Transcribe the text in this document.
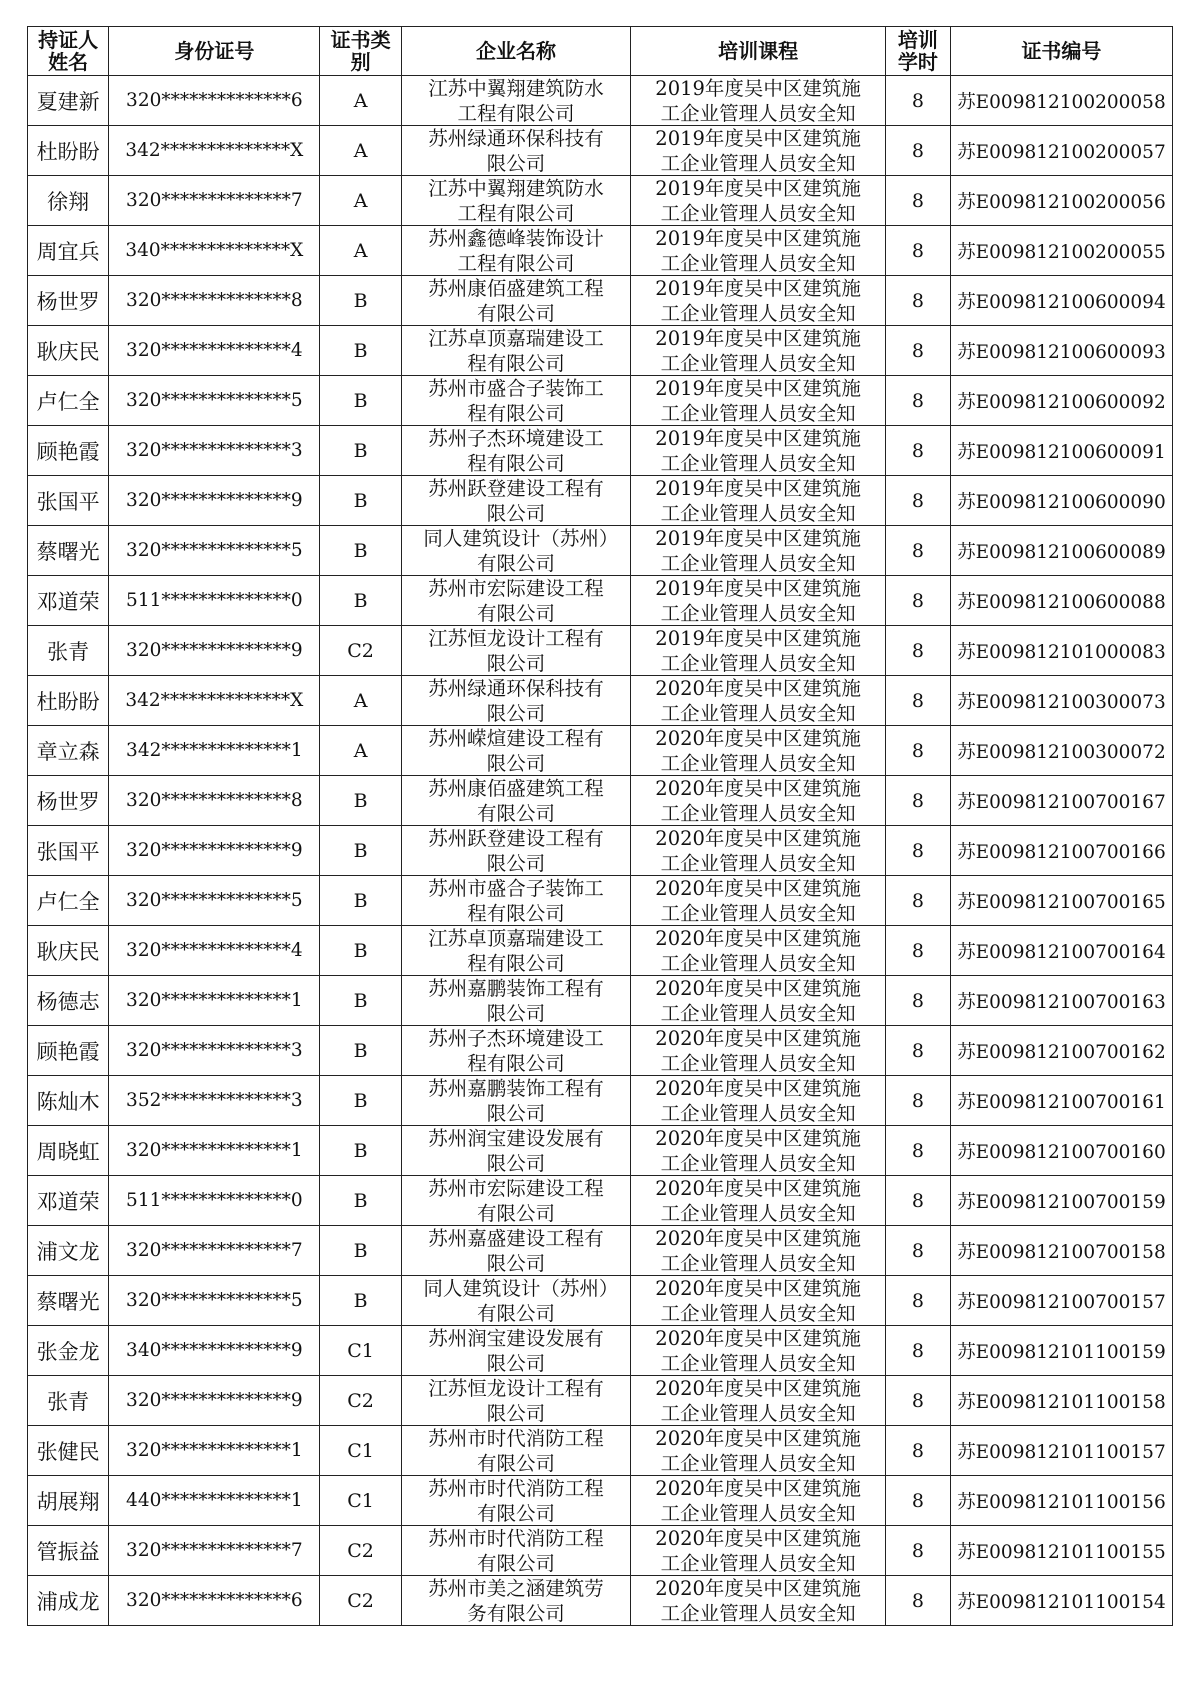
持证人姓名	身份证号	证书类别	企业名称	培训课程	培训学时	证书编号
夏建新	320**************6	A	江苏中翼翔建筑防水工程有限公司	2019年度吴中区建筑施工企业管理人员安全知	8	苏E009812100200058
杜盼盼	342**************X	A	苏州绿通环保科技有限公司	2019年度吴中区建筑施工企业管理人员安全知	8	苏E009812100200057
徐翔	320**************7	A	江苏中翼翔建筑防水工程有限公司	2019年度吴中区建筑施工企业管理人员安全知	8	苏E009812100200056
周宜兵	340**************X	A	苏州鑫德峰装饰设计工程有限公司	2019年度吴中区建筑施工企业管理人员安全知	8	苏E009812100200055
杨世罗	320**************8	B	苏州康佰盛建筑工程有限公司	2019年度吴中区建筑施工企业管理人员安全知	8	苏E009812100600094
耿庆民	320**************4	B	江苏卓顶嘉瑞建设工程有限公司	2019年度吴中区建筑施工企业管理人员安全知	8	苏E009812100600093
卢仁全	320**************5	B	苏州市盛合子装饰工程有限公司	2019年度吴中区建筑施工企业管理人员安全知	8	苏E009812100600092
顾艳霞	320**************3	B	苏州子杰环境建设工程有限公司	2019年度吴中区建筑施工企业管理人员安全知	8	苏E009812100600091
张国平	320**************9	B	苏州跃登建设工程有限公司	2019年度吴中区建筑施工企业管理人员安全知	8	苏E009812100600090
蔡曙光	320**************5	B	同人建筑设计（苏州）有限公司	2019年度吴中区建筑施工企业管理人员安全知	8	苏E009812100600089
邓道荣	511**************0	B	苏州市宏际建设工程有限公司	2019年度吴中区建筑施工企业管理人员安全知	8	苏E009812100600088
张青	320**************9	C2	江苏恒龙设计工程有限公司	2019年度吴中区建筑施工企业管理人员安全知	8	苏E009812101000083
杜盼盼	342**************X	A	苏州绿通环保科技有限公司	2020年度吴中区建筑施工企业管理人员安全知	8	苏E009812100300073
章立森	342**************1	A	苏州嵘煊建设工程有限公司	2020年度吴中区建筑施工企业管理人员安全知	8	苏E009812100300072
杨世罗	320**************8	B	苏州康佰盛建筑工程有限公司	2020年度吴中区建筑施工企业管理人员安全知	8	苏E009812100700167
张国平	320**************9	B	苏州跃登建设工程有限公司	2020年度吴中区建筑施工企业管理人员安全知	8	苏E009812100700166
卢仁全	320**************5	B	苏州市盛合子装饰工程有限公司	2020年度吴中区建筑施工企业管理人员安全知	8	苏E009812100700165
耿庆民	320**************4	B	江苏卓顶嘉瑞建设工程有限公司	2020年度吴中区建筑施工企业管理人员安全知	8	苏E009812100700164
杨德志	320**************1	B	苏州嘉鹏装饰工程有限公司	2020年度吴中区建筑施工企业管理人员安全知	8	苏E009812100700163
顾艳霞	320**************3	B	苏州子杰环境建设工程有限公司	2020年度吴中区建筑施工企业管理人员安全知	8	苏E009812100700162
陈灿木	352**************3	B	苏州嘉鹏装饰工程有限公司	2020年度吴中区建筑施工企业管理人员安全知	8	苏E009812100700161
周晓虹	320**************1	B	苏州润宝建设发展有限公司	2020年度吴中区建筑施工企业管理人员安全知	8	苏E009812100700160
邓道荣	511**************0	B	苏州市宏际建设工程有限公司	2020年度吴中区建筑施工企业管理人员安全知	8	苏E009812100700159
浦文龙	320**************7	B	苏州嘉盛建设工程有限公司	2020年度吴中区建筑施工企业管理人员安全知	8	苏E009812100700158
蔡曙光	320**************5	B	同人建筑设计（苏州）有限公司	2020年度吴中区建筑施工企业管理人员安全知	8	苏E009812100700157
张金龙	340**************9	C1	苏州润宝建设发展有限公司	2020年度吴中区建筑施工企业管理人员安全知	8	苏E009812101100159
张青	320**************9	C2	江苏恒龙设计工程有限公司	2020年度吴中区建筑施工企业管理人员安全知	8	苏E009812101100158
张健民	320**************1	C1	苏州市时代消防工程有限公司	2020年度吴中区建筑施工企业管理人员安全知	8	苏E009812101100157
胡展翔	440**************1	C1	苏州市时代消防工程有限公司	2020年度吴中区建筑施工企业管理人员安全知	8	苏E009812101100156
管振益	320**************7	C2	苏州市时代消防工程有限公司	2020年度吴中区建筑施工企业管理人员安全知	8	苏E009812101100155
浦成龙	320**************6	C2	苏州市美之涵建筑劳务有限公司	2020年度吴中区建筑施工企业管理人员安全知	8	苏E009812101100154
